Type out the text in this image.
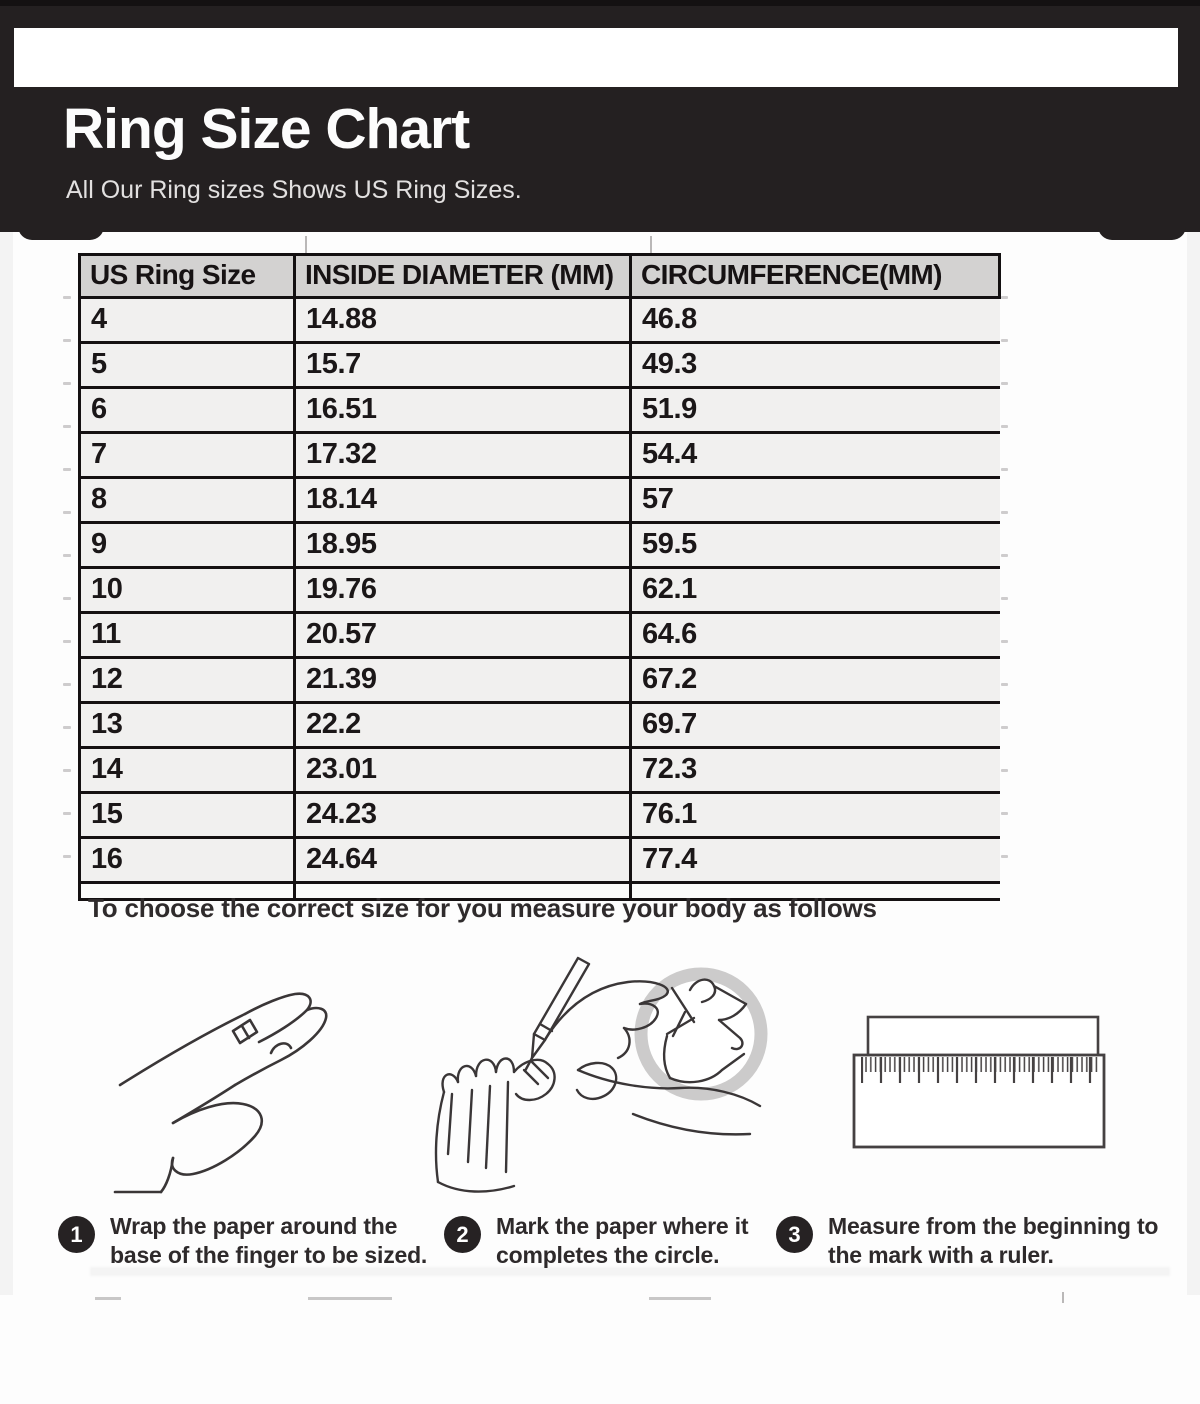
Ring Size Chart

All Our Ring sizes Shows US Ring Sizes.

US Ring Size	INSIDE DIAMETER (MM)	CIRCUMFERENCE(MM)
4	14.88	46.8
5	15.7	49.3
6	16.51	51.9
7	17.32	54.4
8	18.14	57
9	18.95	59.5
10	19.76	62.1
11	20.57	64.6
12	21.39	67.2
13	22.2	69.7
14	23.01	72.3
15	24.23	76.1
16	24.64	77.4

To choose the correct size for you measure your body as follows

1	Wrap the paper around the
base of the finger to be sized.

2	Mark the paper where it
completes the circle.

3	Measure from the beginning to
the mark with a ruler.
